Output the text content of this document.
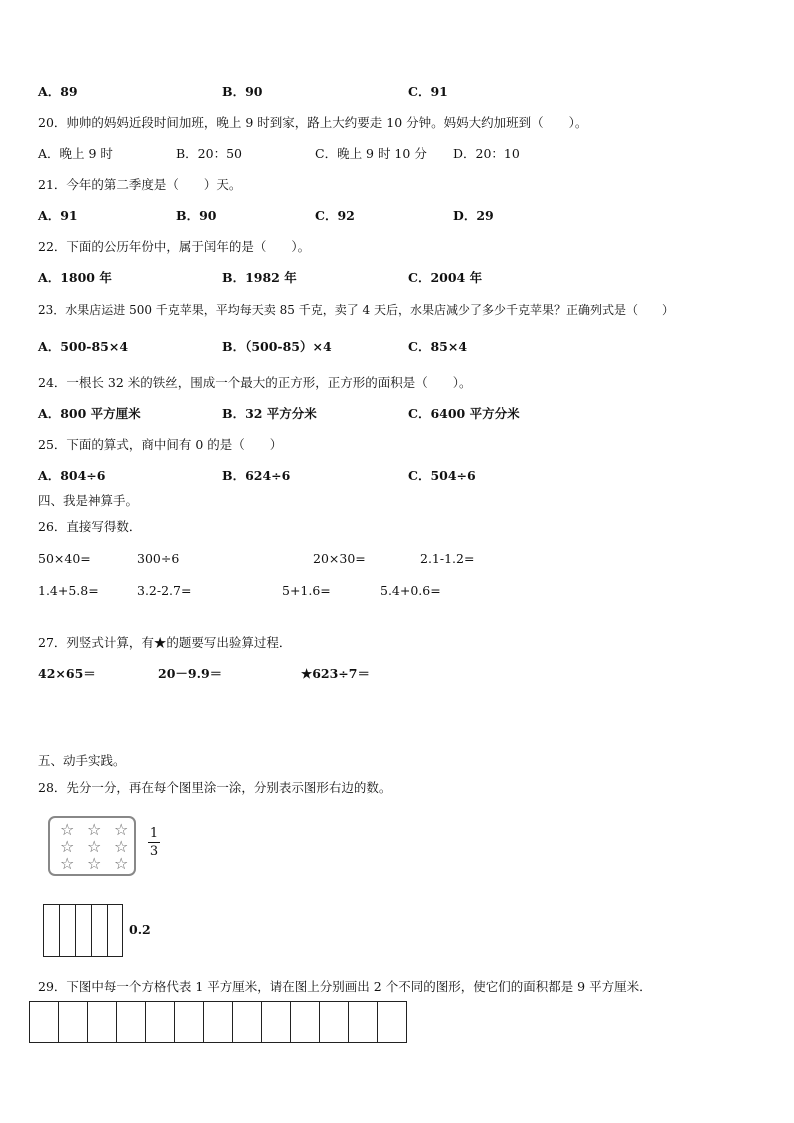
A．89	B．90	C．91
20．帅帅的妈妈近段时间加班，晚上 9 时到家，路上大约要走 10 分钟。妈妈大约加班到（　　）。
A．晚上 9 时	B．20：50	C．晚上 9 时 10 分 D．20：10
21．今年的第二季度是（　　）天。
A．91	B．90	C．92	D．29
22．下面的公历年份中，属于闰年的是（　　）。
A．1800 年	B．1982 年	C．2004 年
23．水果店运进 500 千克苹果，平均每天卖 85 千克，卖了 4 天后，水果店减少了多少千克苹果？正确列式是（　　）
A．500-85×4	B．（500-85）×4	C．85×4
24．一根长 32 米的铁丝，围成一个最大的正方形，正方形的面积是（　　）。
A．800 平方厘米	B．32 平方分米	C．6400 平方分米
25．下面的算式，商中间有 0 的是（　　）
A．804÷6	B．624÷6	C．504÷6
四、我是神算手。
26．直接写得数．
50×40=	300÷6	20×30=	2.1-1.2=
1.4+5.8=	3.2-2.7=	5+1.6=	5.4+0.6=
27．列竖式计算，有★的题要写出验算过程．
42×65＝	20－9.9＝	★623÷7＝
五、动手实践。
28．先分一分，再在每个图里涂一涂，分别表示图形右边的数。
☆ ☆ ☆
☆ ☆ ☆
☆ ☆ ☆
1
3
0.2
29．下图中每一个方格代表 1 平方厘米，请在图上分别画出 2 个不同的图形，使它们的面积都是 9 平方厘米．
